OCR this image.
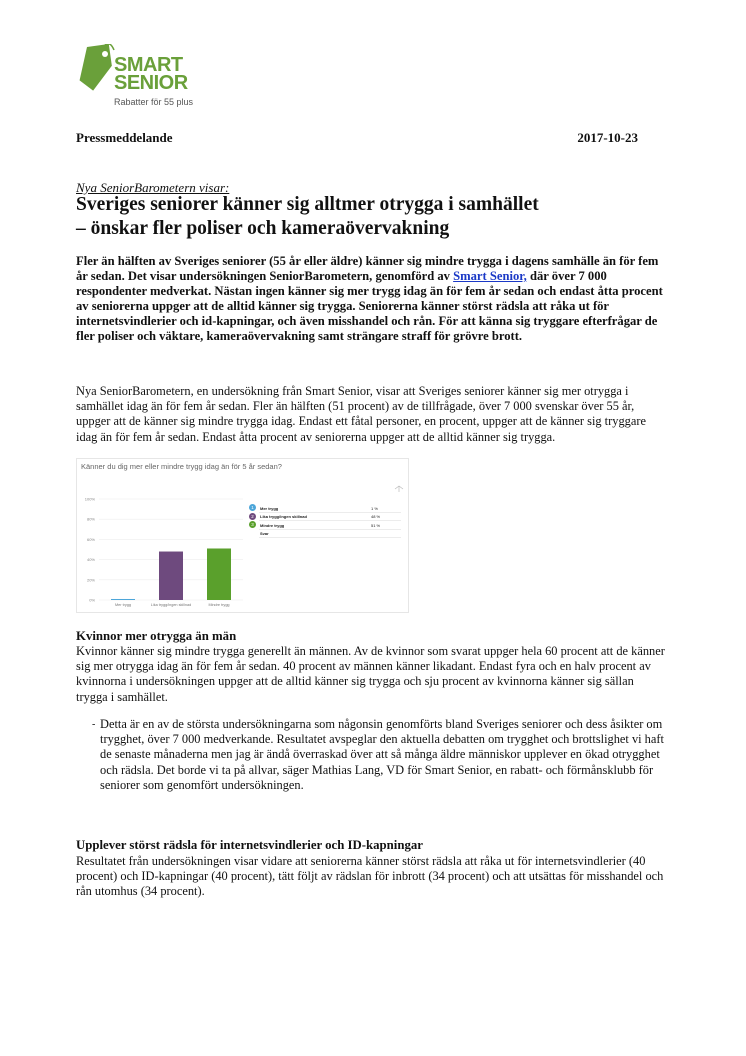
SMART
SENIOR
Rabatter för 55 plus
Pressmeddelande	2017-10-23
Nya SeniorBarometern visar:
Sveriges seniorer känner sig alltmer otrygga i samhället
– önskar fler poliser och kameraövervakning

Fler än hälften av Sveriges seniorer (55 år eller äldre) känner sig mindre trygga i dagens samhälle än för fem år sedan. Det visar undersökningen SeniorBarometern, genomförd av Smart Senior, där över 7 000 respondenter medverkat. Nästan ingen känner sig mer trygg idag än för fem år sedan och endast åtta procent av seniorerna uppger att de alltid känner sig trygga. Seniorerna känner störst rädsla att råka ut för internetsvindlerier och id-kapningar, och även misshandel och rån. För att känna sig tryggare efterfrågar de fler poliser och väktare, kameraövervakning samt strängare straff för grövre brott.

Nya SeniorBarometern, en undersökning från Smart Senior, visar att Sveriges seniorer känner sig mer otrygga i samhället idag än för fem år sedan. Fler än hälften (51 procent) av de tillfrågade, över 7 000 svenskar över 55 år, uppger att de känner sig mindre trygga idag. Endast ett fåtal personer, en procent, uppger att de känner sig tryggare idag än för fem år sedan. Endast åtta procent av seniorerna uppger att de alltid känner sig trygga.

Känner du dig mer eller mindre trygg idag än för 5 år sedan?
100%
80%
60%
40%
20%
0%
Mer trygg	Lika trygg/ingen skillnad	Mindre trygg
1	Mer trygg	1 %
2	Lika trygg/ingen skillnad	48 %
3	Mindre trygg	51 %
Svar

Kvinnor mer otrygga än män

Kvinnor känner sig mindre trygga generellt än männen. Av de kvinnor som svarat uppger hela 60 procent att de känner sig mer otrygga idag än för fem år sedan. 40 procent av männen känner likadant. Endast fyra och en halv procent av kvinnorna i undersökningen uppger att de alltid känner sig trygga och sju procent av kvinnorna känner sig sällan trygga i samhället.

- Detta är en av de största undersökningarna som någonsin genomförts bland Sveriges seniorer och dess åsikter om trygghet, över 7 000 medverkande. Resultatet avspeglar den aktuella debatten om trygghet och brottslighet vi haft de senaste månaderna men jag är ändå överraskad över att så många äldre människor upplever en ökad otrygghet och rädsla. Det borde vi ta på allvar, säger Mathias Lang, VD för Smart Senior, en rabatt- och förmånsklubb för seniorer som genomfört undersökningen.

Upplever störst rädsla för internetsvindlerier och ID-kapningar

Resultatet från undersökningen visar vidare att seniorerna känner störst rädsla att råka ut för internetsvindlerier (40 procent) och ID-kapningar (40 procent), tätt följt av rädslan för inbrott (34 procent) och att utsättas för misshandel och rån utomhus (34 procent).
